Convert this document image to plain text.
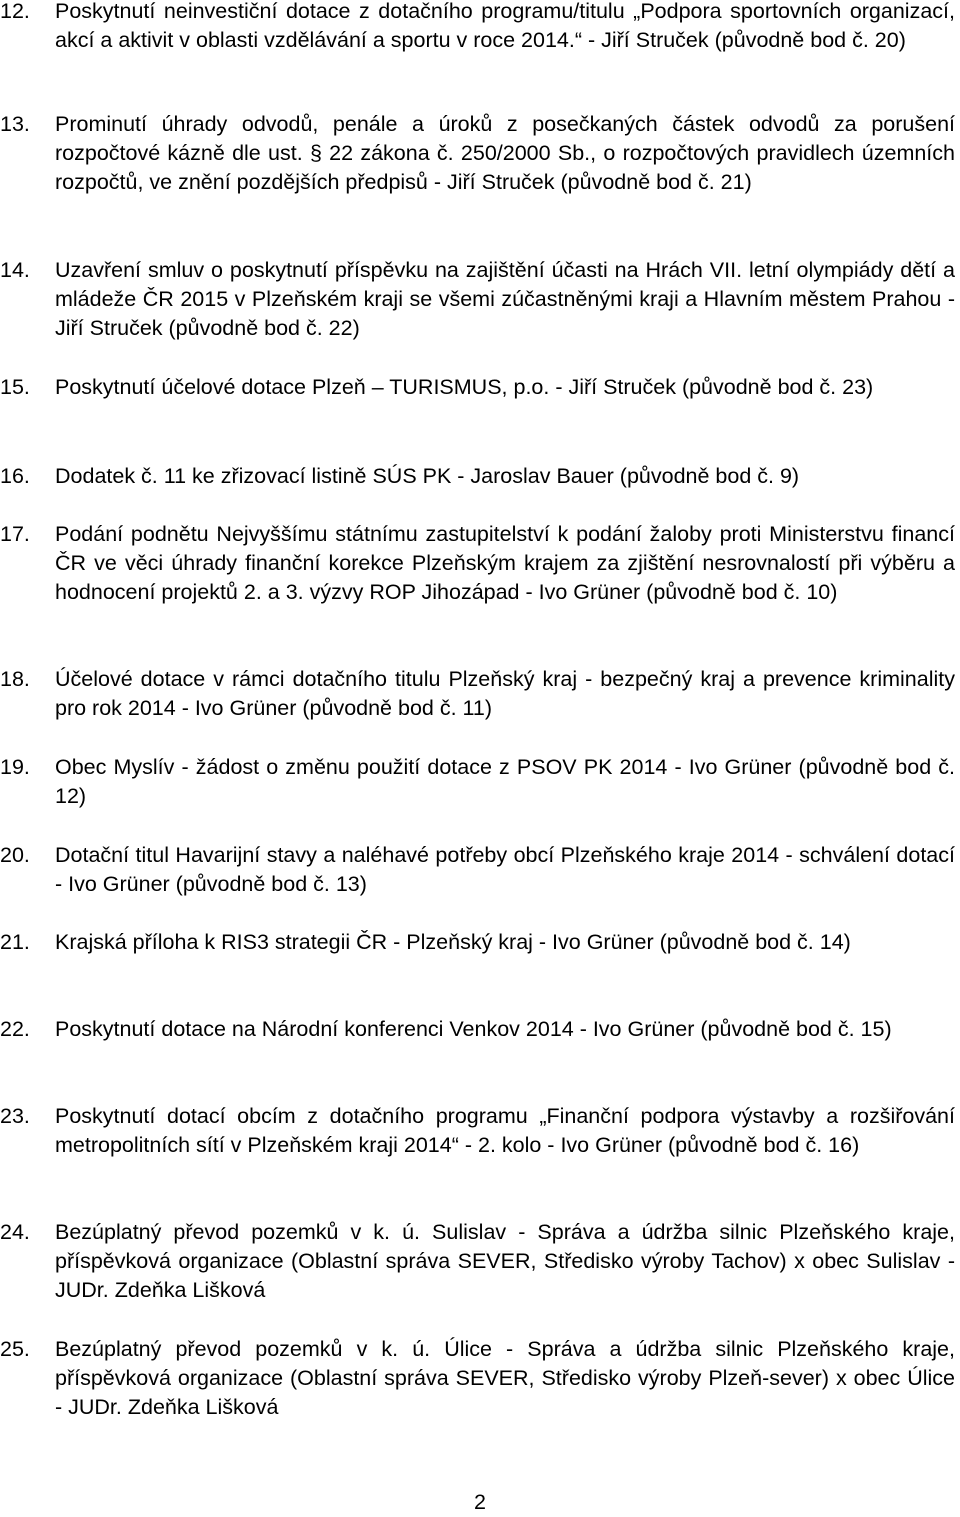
12.	Poskytnutí neinvestiční dotace z dotačního programu/titulu „Podpora sportovních organizací, akcí a aktivit v oblasti vzdělávání a sportu v roce 2014.“ - Jiří Struček (původně bod č. 20)
13.	Prominutí úhrady odvodů, penále a úroků z posečkaných částek odvodů za porušení rozpočtové kázně dle ust. § 22 zákona č. 250/2000 Sb., o rozpočtových pravidlech územních rozpočtů, ve znění pozdějších předpisů - Jiří Struček (původně bod č. 21)
14.	Uzavření smluv o poskytnutí příspěvku na zajištění účasti na Hrách VII. letní olympiády dětí a mládeže ČR 2015 v Plzeňském kraji se všemi zúčastněnými kraji a Hlavním městem Prahou - Jiří Struček (původně bod č. 22)
15.	Poskytnutí účelové dotace Plzeň – TURISMUS, p.o. - Jiří Struček (původně bod č. 23)
16.	Dodatek č. 11 ke zřizovací listině SÚS PK - Jaroslav Bauer (původně bod č. 9)
17.	Podání podnětu Nejvyššímu státnímu zastupitelství k podání žaloby proti Ministerstvu financí ČR ve věci úhrady finanční korekce Plzeňským krajem za zjištění nesrovnalostí při výběru a hodnocení projektů 2. a 3. výzvy ROP Jihozápad - Ivo Grüner (původně bod č. 10)
18.	Účelové dotace v rámci dotačního titulu Plzeňský kraj - bezpečný kraj a prevence kriminality pro rok 2014 - Ivo Grüner (původně bod č. 11)
19.	Obec Myslív - žádost o změnu použití dotace z PSOV PK 2014 - Ivo Grüner (původně bod č. 12)
20.	Dotační titul Havarijní stavy a naléhavé potřeby obcí Plzeňského kraje 2014 - schválení dotací - Ivo Grüner (původně bod č. 13)
21.	Krajská příloha k RIS3 strategii ČR - Plzeňský kraj - Ivo Grüner (původně bod č. 14)
22.	Poskytnutí dotace na Národní konferenci Venkov 2014 - Ivo Grüner (původně bod č. 15)
23.	Poskytnutí dotací obcím z dotačního programu „Finanční podpora výstavby a rozšiřování metropolitních sítí v Plzeňském kraji 2014“ - 2. kolo - Ivo Grüner (původně bod č. 16)
24.	Bezúplatný převod pozemků v k. ú. Sulislav - Správa a údržba silnic Plzeňského kraje, příspěvková organizace (Oblastní správa SEVER, Středisko výroby Tachov) x obec Sulislav - JUDr. Zdeňka Lišková
25.	Bezúplatný převod pozemků v k. ú. Úlice - Správa a údržba silnic Plzeňského kraje, příspěvková organizace (Oblastní správa SEVER, Středisko výroby Plzeň-sever) x obec Úlice - JUDr. Zdeňka Lišková
2
